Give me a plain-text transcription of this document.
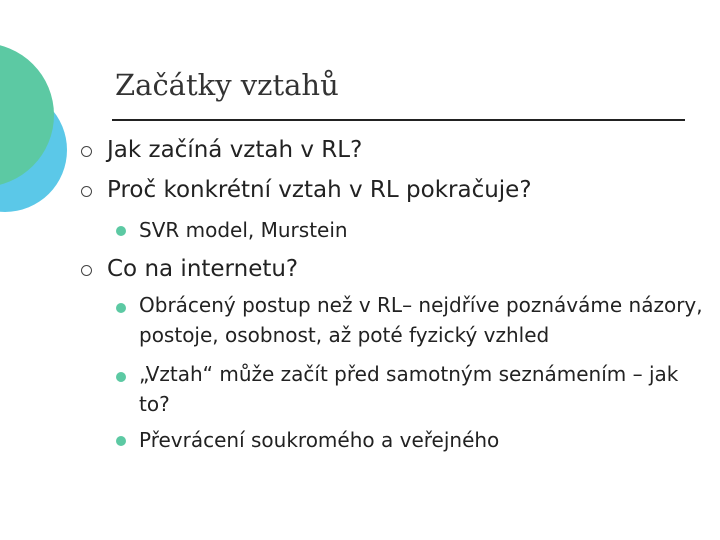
Začátky vztahů
Jak začíná vztah v RL?
Proč konkrétní vztah v RL pokračuje?
SVR model, Murstein
Co na internetu?
Obrácený postup než v RL– nejdříve poznáváme názory, postoje, osobnost, až poté fyzický vzhled
„Vztah“ může začít před samotným seznámením – jak to?
Převrácení soukromého a veřejného
